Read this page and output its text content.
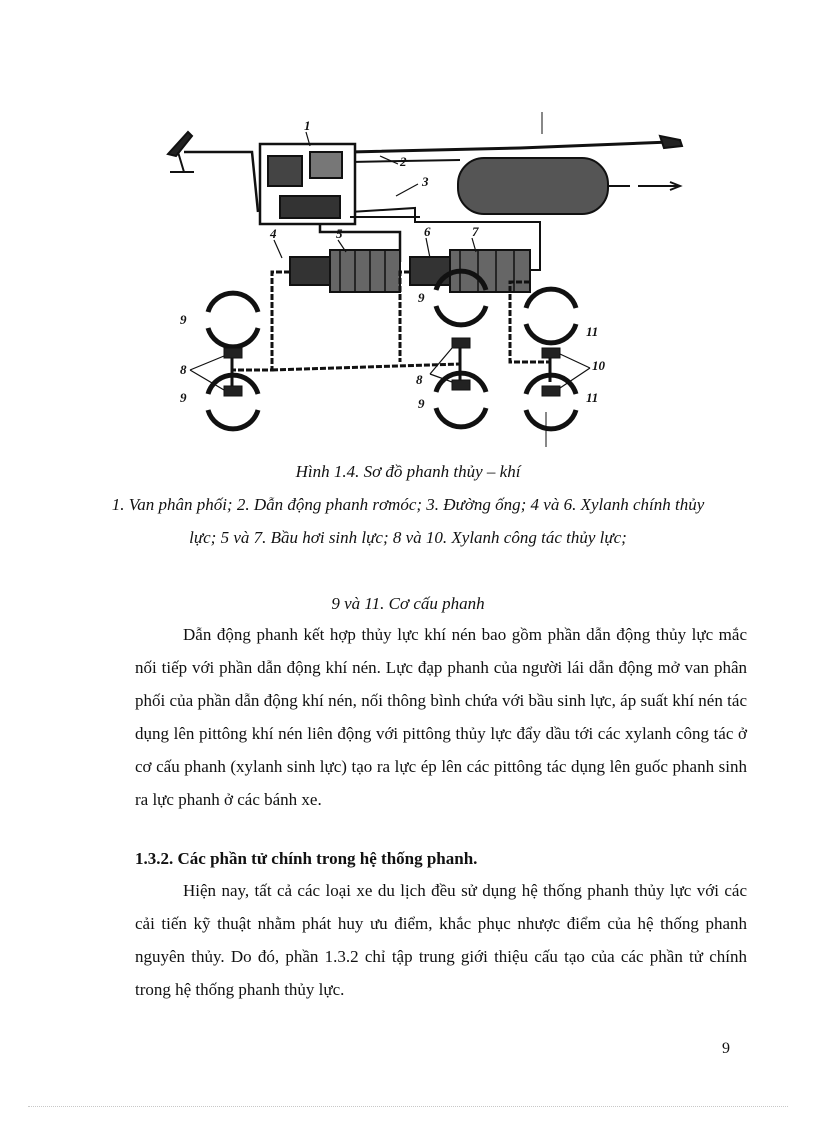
1
2
3
4	5	6	7
8
8
9
9
9
9
10
11
11
Hình 1.4. Sơ đồ phanh thủy – khí
1. Van phân phối; 2. Dẫn động phanh rơmóc; 3. Đường ống; 4 và 6. Xylanh chính thủy lực; 5 và 7. Bầu hơi sinh lực; 8 và 10. Xylanh công tác thủy lực;
9 và 11. Cơ cấu phanh
Dẫn động phanh kết hợp thủy lực khí nén bao gồm phần dẫn động thủy lực mắc nối tiếp với phần dẫn động khí nén. Lực đạp phanh của người lái dẫn động mở van phân phối của phần dẫn động khí nén, nối thông bình chứa với bầu sinh lực, áp suất khí nén tác dụng lên pittông khí nén liên động với pittông thủy lực đẩy dầu tới các xylanh công tác ở cơ cấu phanh (xylanh sinh lực) tạo ra lực ép lên các pittông tác dụng lên guốc phanh sinh ra lực phanh ở các bánh xe.
1.3.2. Các phần tử chính trong hệ thống phanh.
Hiện nay, tất cả các loại xe du lịch đều sử dụng hệ thống phanh thủy lực với các cải tiến kỹ thuật nhằm phát huy ưu điểm, khắc phục nhược điểm của hệ thống phanh nguyên thủy. Do đó, phần 1.3.2 chỉ tập trung giới thiệu cấu tạo của các phần tử chính trong hệ thống phanh thủy lực.
9
